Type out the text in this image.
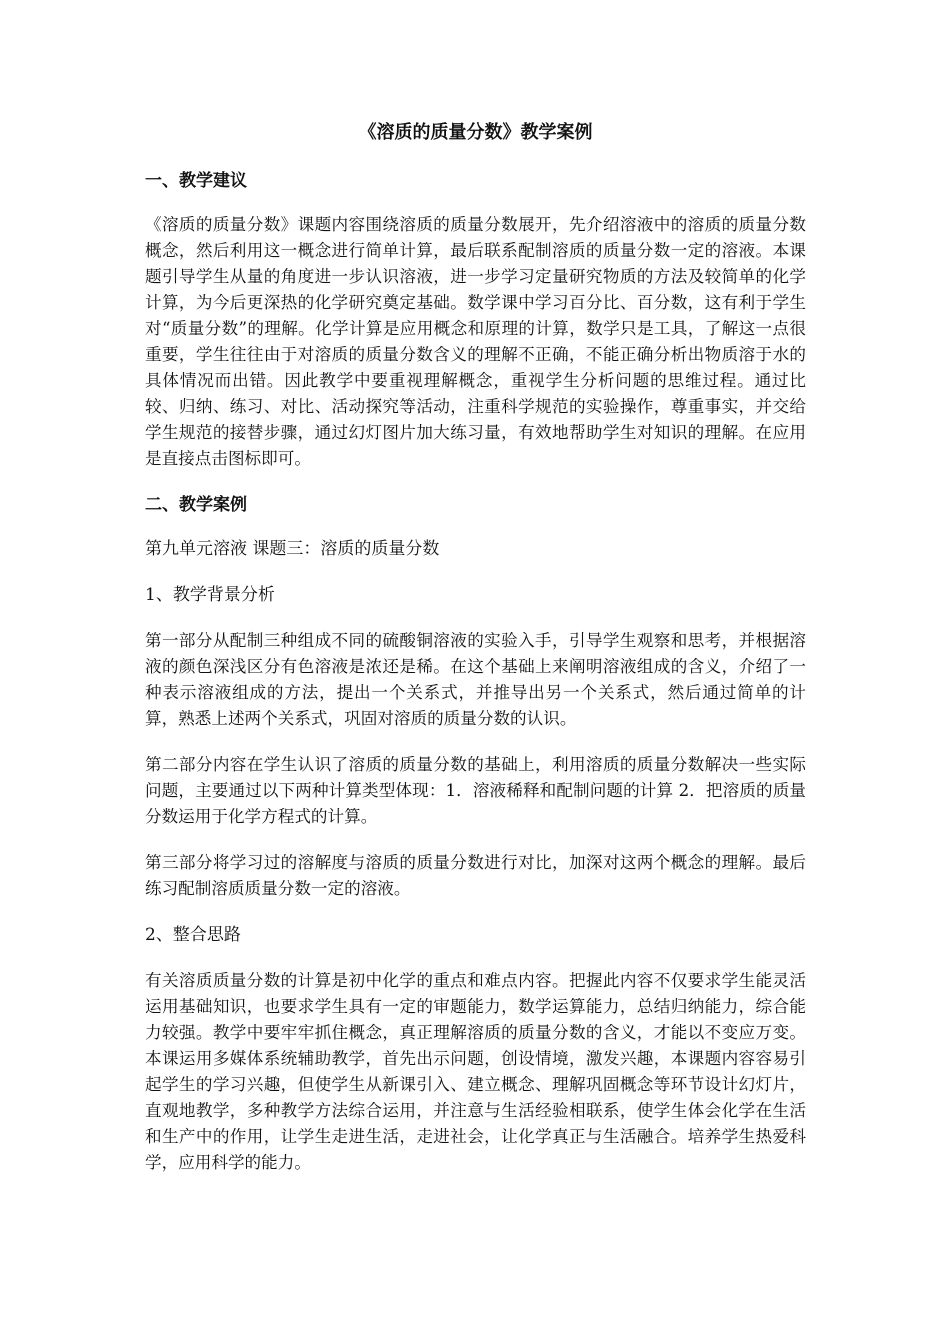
《溶质的质量分数》教学案例
一、教学建议
《溶质的质量分数》课题内容围绕溶质的质量分数展开，先介绍溶液中的溶质的质量分数概念，然后利用这一概念进行简单计算，最后联系配制溶质的质量分数一定的溶液。本课题引导学生从量的角度进一步认识溶液，进一步学习定量研究物质的方法及较简单的化学计算，为今后更深热的化学研究奠定基础。数学课中学习百分比、百分数，这有利于学生对“质量分数”的理解。化学计算是应用概念和原理的计算，数学只是工具，了解这一点很重要，学生往往由于对溶质的质量分数含义的理解不正确，不能正确分析出物质溶于水的具体情况而出错。因此教学中要重视理解概念，重视学生分析问题的思维过程。通过比较、归纳、练习、对比、活动探究等活动，注重科学规范的实验操作，尊重事实，并交给学生规范的接替步骤，通过幻灯图片加大练习量，有效地帮助学生对知识的理解。在应用是直接点击图标即可。
二、教学案例
第九单元溶液 课题三：溶质的质量分数
1、教学背景分析
第一部分从配制三种组成不同的硫酸铜溶液的实验入手，引导学生观察和思考，并根据溶液的颜色深浅区分有色溶液是浓还是稀。在这个基础上来阐明溶液组成的含义，介绍了一种表示溶液组成的方法，提出一个关系式，并推导出另一个关系式，然后通过简单的计算，熟悉上述两个关系式，巩固对溶质的质量分数的认识。
第二部分内容在学生认识了溶质的质量分数的基础上，利用溶质的质量分数解决一些实际问题，主要通过以下两种计算类型体现：1．溶液稀释和配制问题的计算 2．把溶质的质量分数运用于化学方程式的计算。
第三部分将学习过的溶解度与溶质的质量分数进行对比，加深对这两个概念的理解。最后练习配制溶质质量分数一定的溶液。
2、整合思路
有关溶质质量分数的计算是初中化学的重点和难点内容。把握此内容不仅要求学生能灵活运用基础知识，也要求学生具有一定的审题能力，数学运算能力，总结归纳能力，综合能力较强。教学中要牢牢抓住概念，真正理解溶质的质量分数的含义，才能以不变应万变。本课运用多媒体系统辅助教学，首先出示问题，创设情境，激发兴趣，本课题内容容易引起学生的学习兴趣，但使学生从新课引入、建立概念、理解巩固概念等环节设计幻灯片，直观地教学，多种教学方法综合运用，并注意与生活经验相联系，使学生体会化学在生活和生产中的作用，让学生走进生活，走进社会，让化学真正与生活融合。培养学生热爱科学，应用科学的能力。
